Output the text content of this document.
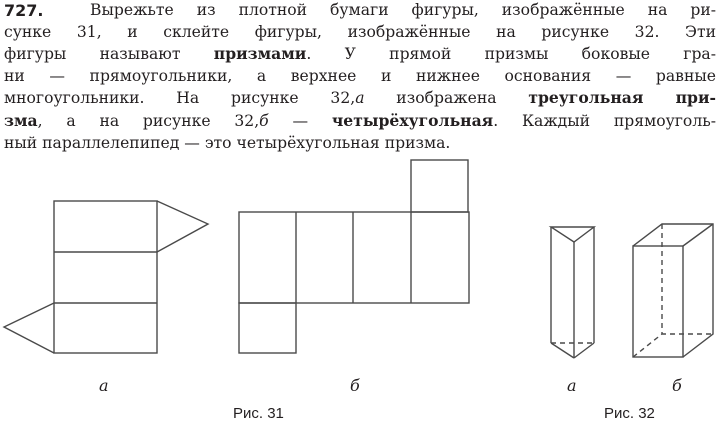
727.	Вырежьте из плотной бумаги фигуры, изображённые на ри-
сунке 31, и склейте фигуры, изображённые на рисунке 32. Эти
фигуры называют призмами. У прямой призмы боковые гра-
ни — прямоугольники, а верхнее и нижнее основания — равные
многоугольники. На рисунке 32,а изображена треугольная при-
зма, а на рисунке 32,б — четырёхугольная. Каждый прямоуголь-
ный параллелепипед — это четырёхугольная призма.
а	б	а	б
Рис. 31	Рис. 32
